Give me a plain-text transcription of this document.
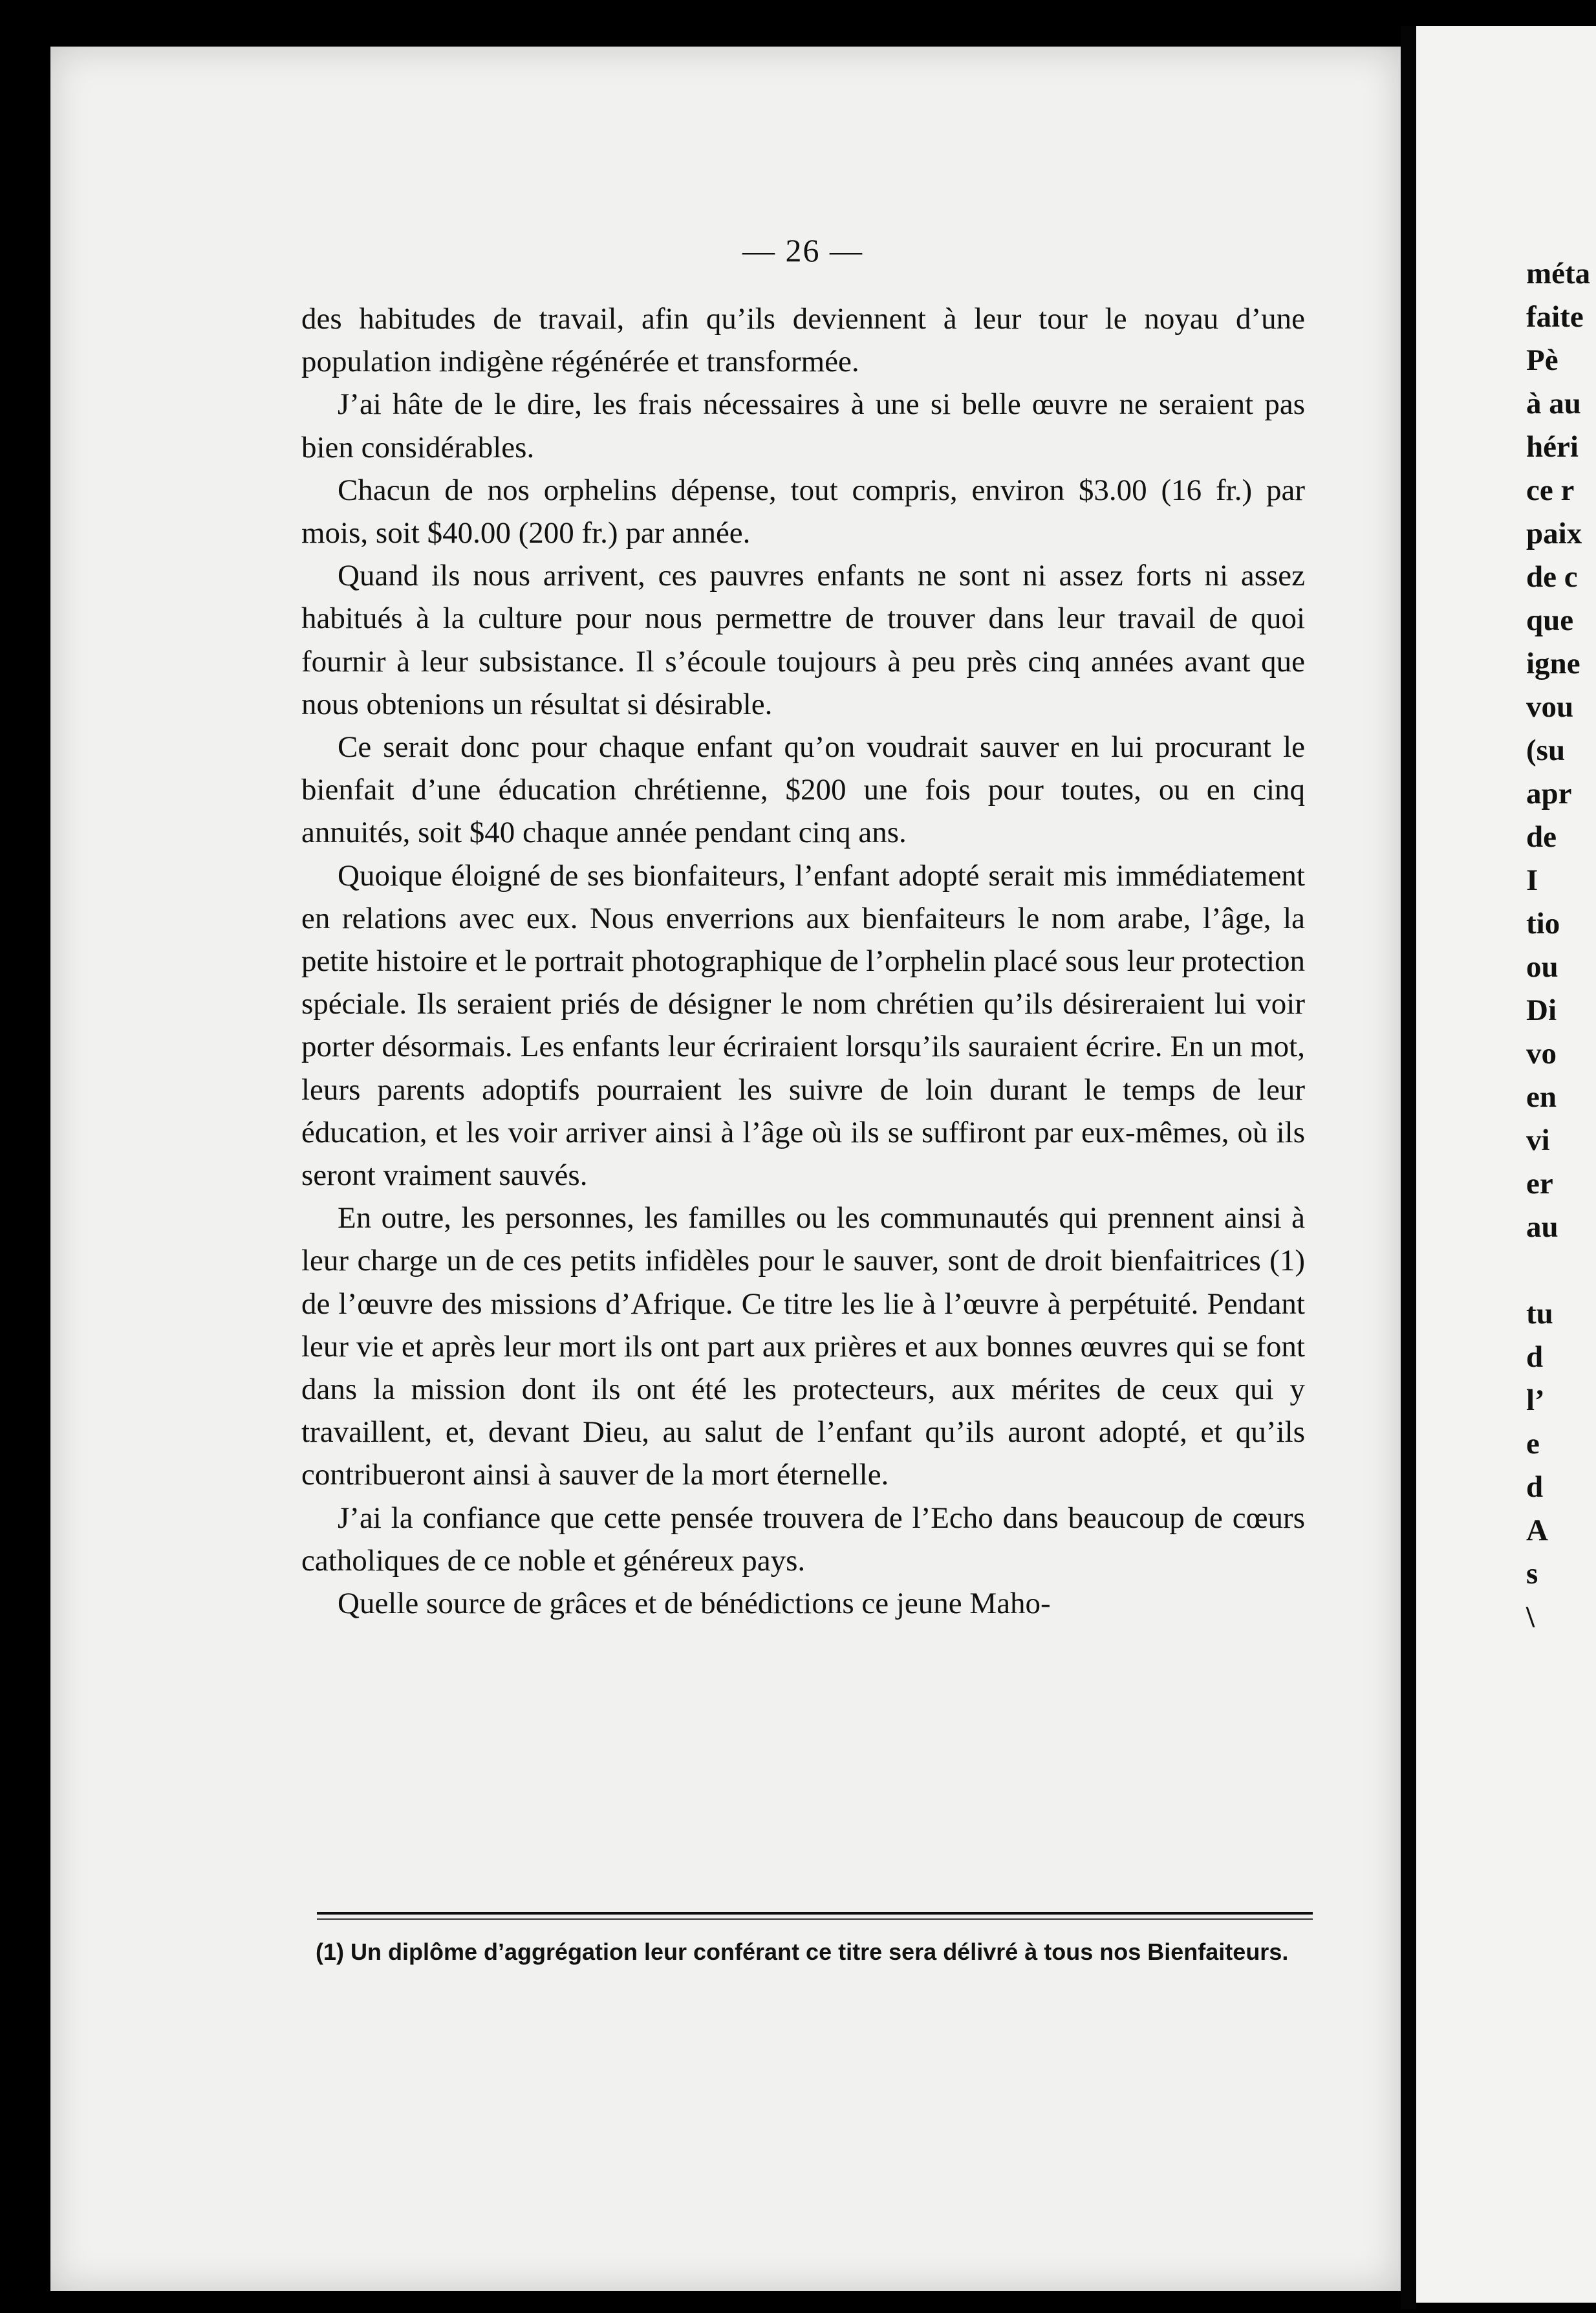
— 26 —

des habitudes de travail, afin qu’ils deviennent à leur tour le noyau d’une population indigène régénérée et transformée.

J’ai hâte de le dire, les frais nécessaires à une si belle œuvre ne seraient pas bien considérables.

Chacun de nos orphelins dépense, tout compris, environ $3.00 (16 fr.) par mois, soit $40.00 (200 fr.) par année.

Quand ils nous arrivent, ces pauvres enfants ne sont ni assez forts ni assez habitués à la culture pour nous permettre de trouver dans leur travail de quoi fournir à leur subsistance. Il s’écoule toujours à peu près cinq années avant que nous obtenions un résultat si désirable.

Ce serait donc pour chaque enfant qu’on voudrait sauver en lui procurant le bienfait d’une éducation chrétienne, $200 une fois pour toutes, ou en cinq annuités, soit $40 chaque année pendant cinq ans.

Quoique éloigné de ses bionfaiteurs, l’enfant adopté serait mis immédiatement en relations avec eux. Nous enverrions aux bienfaiteurs le nom arabe, l’âge, la petite histoire et le portrait photographique de l’orphelin placé sous leur protection spéciale. Ils seraient priés de désigner le nom chrétien qu’ils désireraient lui voir porter désormais. Les enfants leur écriraient lorsqu’ils sauraient écrire. En un mot, leurs parents adoptifs pourraient les suivre de loin durant le temps de leur éducation, et les voir arriver ainsi à l’âge où ils se suffiront par eux-mêmes, où ils seront vraiment sauvés.

En outre, les personnes, les familles ou les communautés qui prennent ainsi à leur charge un de ces petits infidèles pour le sauver, sont de droit bienfaitrices (1) de l’œuvre des missions d’Afrique. Ce titre les lie à l’œuvre à perpétuité. Pendant leur vie et après leur mort ils ont part aux prières et aux bonnes œuvres qui se font dans la mission dont ils ont été les protecteurs, aux mérites de ceux qui y travaillent, et, devant Dieu, au salut de l’enfant qu’ils auront adopté, et qu’ils contribueront ainsi à sauver de la mort éternelle.

J’ai la confiance que cette pensée trouvera de l’Echo dans beaucoup de cœurs catholiques de ce noble et généreux pays.

Quelle source de grâces et de bénédictions ce jeune Maho-

(1) Un diplôme d’aggrégation leur conférant ce titre sera délivré à tous nos Bienfaiteurs.
méta
faite
Pè
à au
héri
ce r
paix
de c
que
igne
vou
(su
apr
de
I
tio
ou
Di
vo
en
vi
er
au
tu
d
l’
e
d
A
s
\
